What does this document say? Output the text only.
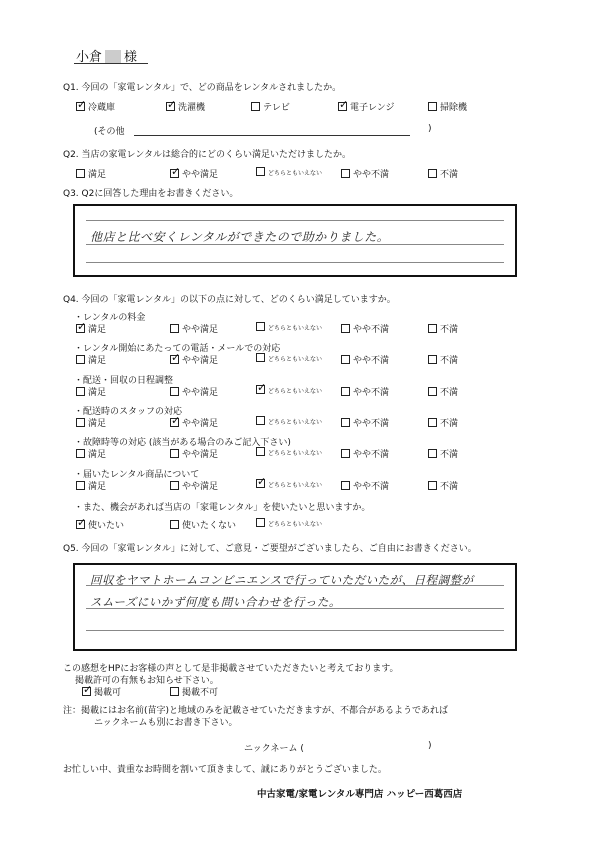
小倉 様
Q1. 今回の「家電レンタル」で、どの商品をレンタルされましたか。
✓冷蔵庫 ✓	洗濯機	テレビ ✓	電子レンジ	掃除機
(その他	)
Q2. 当店の家電レンタルは総合的にどのくらい満足いただけましたか。
満足 ✓	やや満足	どちらともいえない	やや不満	不満
Q3. Q2に回答した理由をお書きください。
他店と比べ安くレンタルができたので助かりました。
Q4. 今回の「家電レンタル」の以下の点に対して、どのくらい満足していますか。
・レンタルの料金
✓満足	やや満足	どちらともいえない	やや不満	不満
・レンタル開始にあたっての電話・メールでの対応
満足 ✓	やや満足	どちらともいえない	やや不満	不満
・配送・回収の日程調整
満足	やや満足 ✓	どちらともいえない	やや不満	不満
・配送時のスタッフの対応
満足 ✓	やや満足	どちらともいえない	やや不満	不満
・故障時等の対応 (該当がある場合のみご記入下さい)
満足	やや満足	どちらともいえない	やや不満	不満
・届いたレンタル商品について
満足	やや満足 ✓	どちらともいえない	やや不満	不満
・また、機会があれば当店の「家電レンタル」を使いたいと思いますか。
✓使いたい	使いたくない	どちらともいえない
Q5. 今回の「家電レンタル」に対して、ご意見・ご要望がございましたら、ご自由にお書きください。
回収をヤマトホームコンビニエンスで行っていただいたが、日程調整が
スムーズにいかず何度も問い合わせを行った。
この感想をHPにお客様の声として是非掲載させていただきたいと考えております。
掲載許可の有無もお知らせ下さい。
✓掲載可	掲載不可
注：掲載にはお名前(苗字)と地域のみを記載させていただきますが、不都合があるようであれば
ニックネームも別にお書き下さい。
ニックネーム (	)
お忙しい中、貴重なお時間を割いて頂きまして、誠にありがとうございました。
中古家電/家電レンタル専門店 ハッピー西葛西店
